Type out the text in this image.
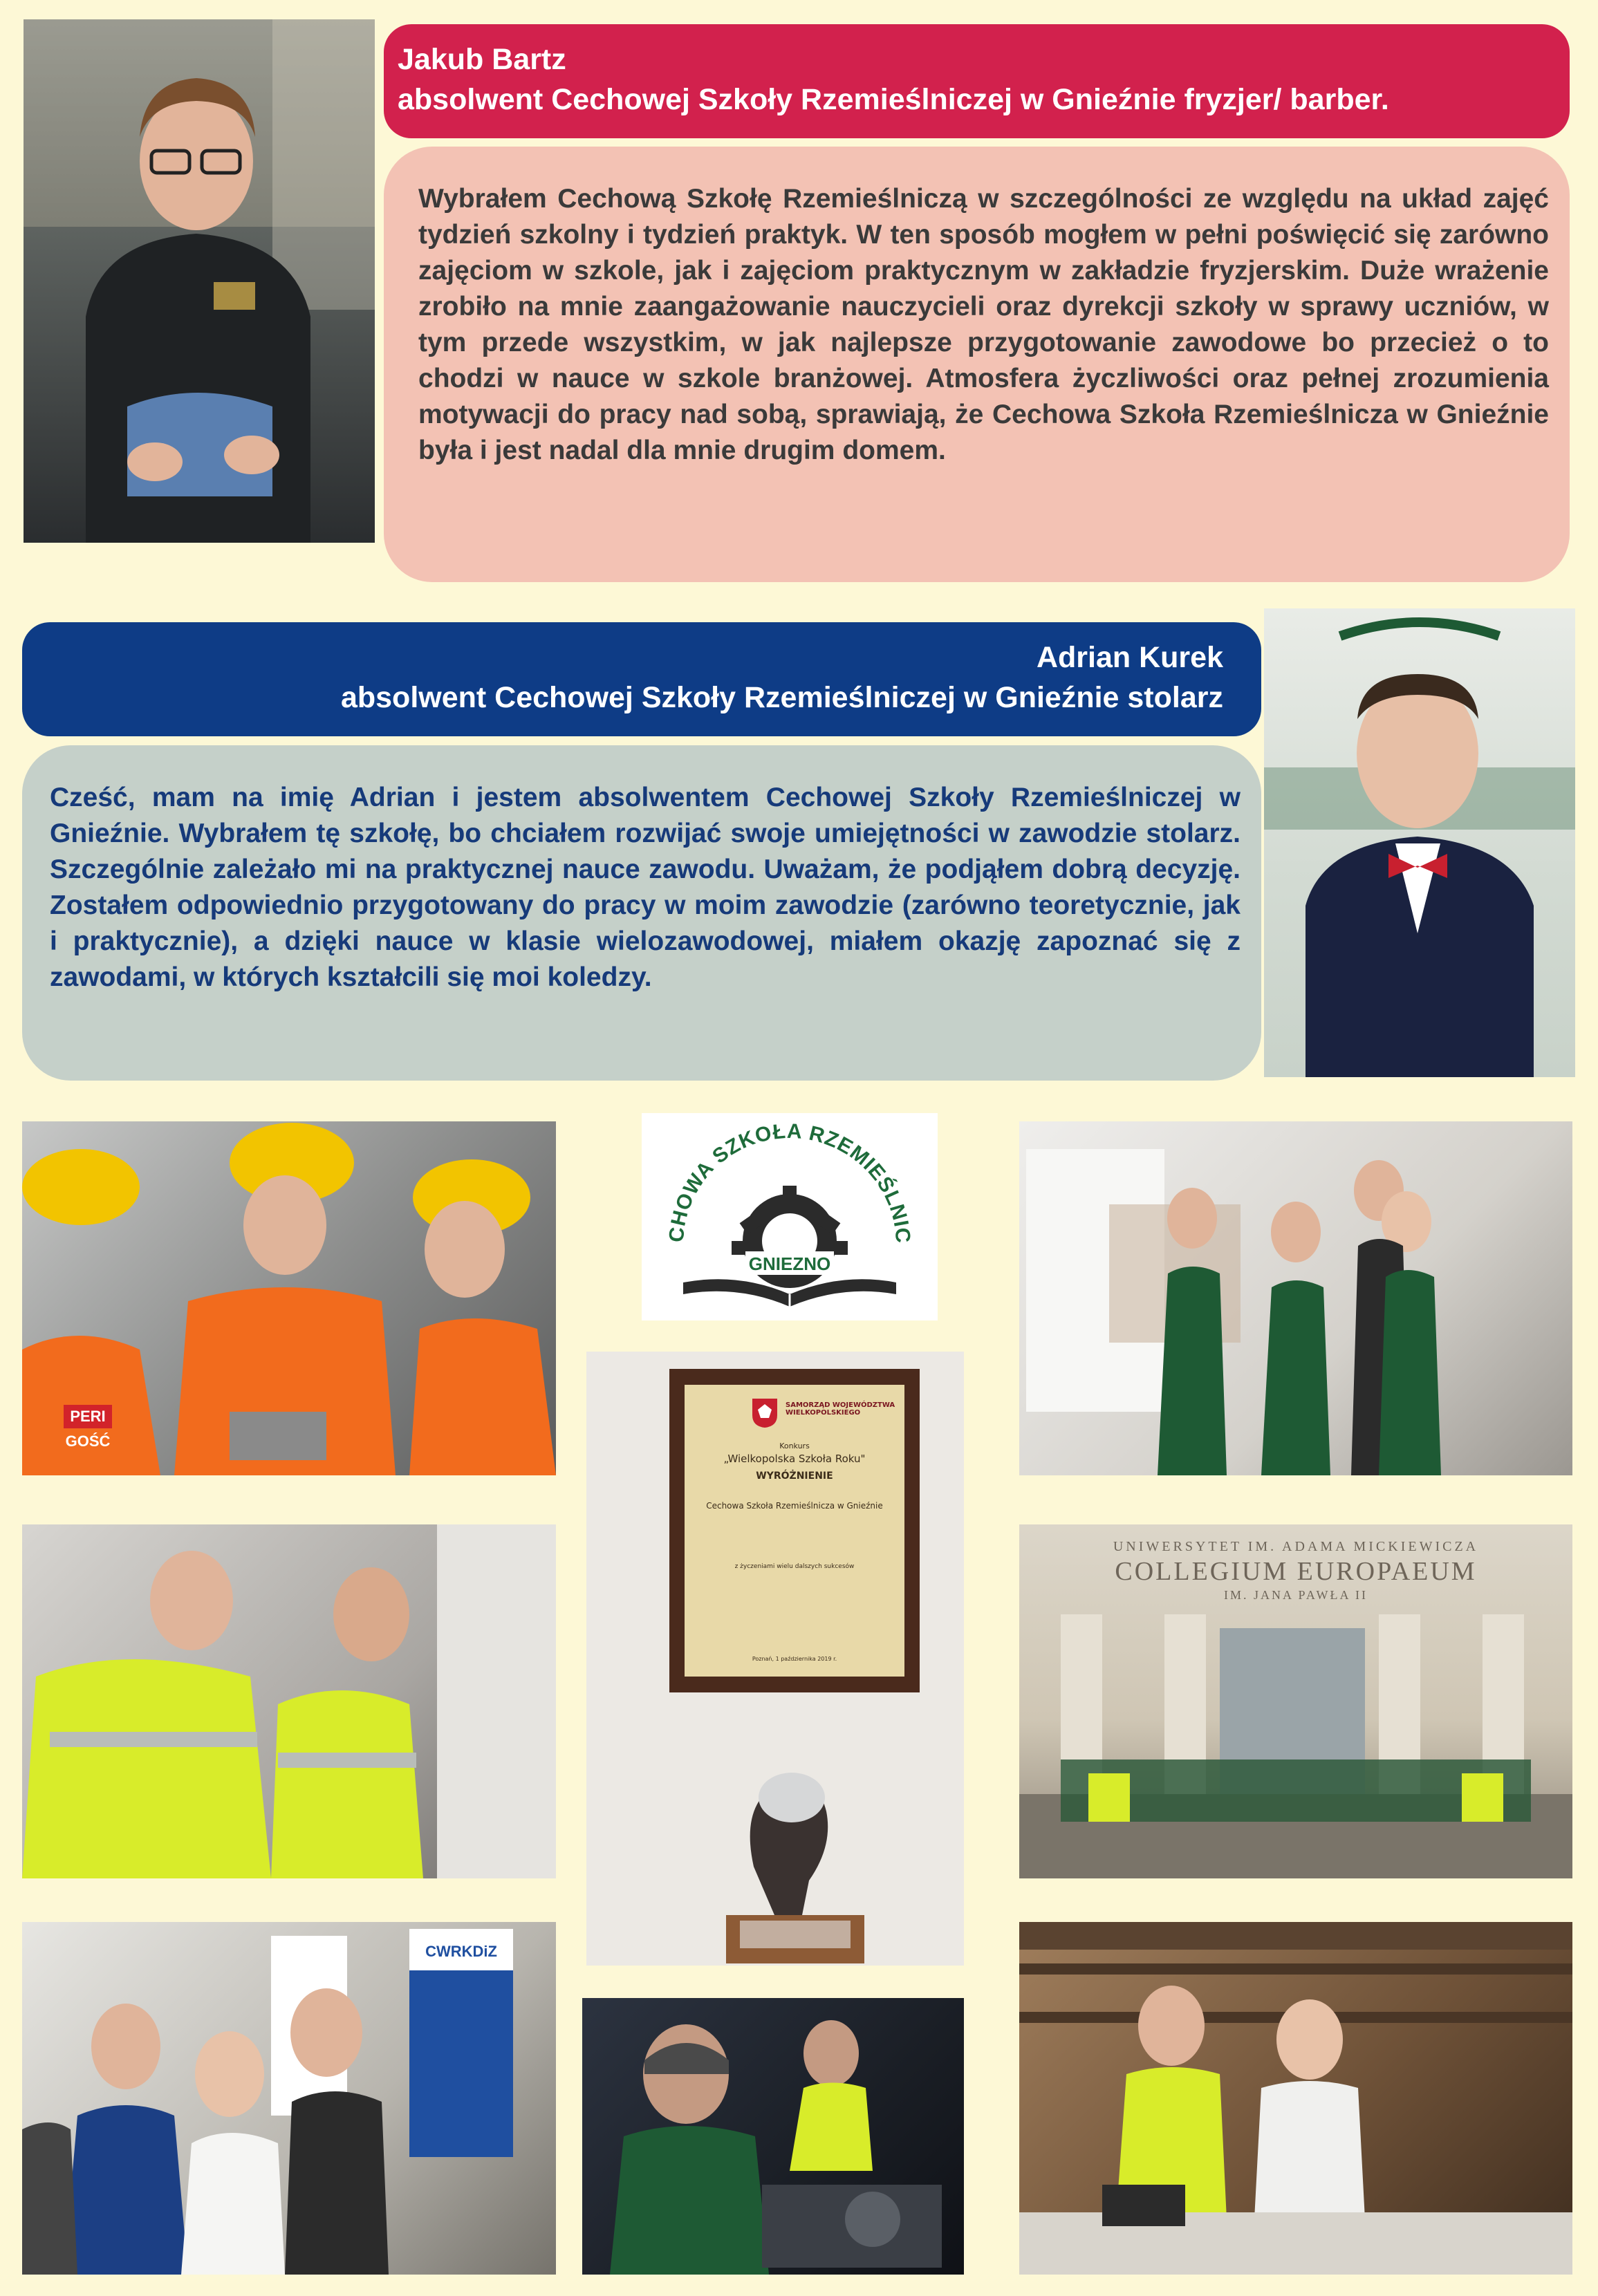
Jakub Bartz
absolwent Cechowej Szkoły Rzemieślniczej w Gnieźnie fryzjer/ barber.

Wybrałem Cechową Szkołę Rzemieślniczą w szczególności ze względu na układ zajęć tydzień szkolny i tydzień praktyk. W ten sposób mogłem w pełni poświęcić się zarówno zajęciom w szkole, jak i zajęciom praktycznym w zakładzie fryzjerskim. Duże wrażenie zrobiło na mnie zaangażowanie nauczycieli oraz dyrekcji szkoły w sprawy uczniów, w tym przede wszystkim, w jak najlepsze przygotowanie zawodowe bo przecież o to chodzi w nauce w szkole branżowej. Atmosfera życzliwości oraz pełnej zrozumienia motywacji do pracy nad sobą, sprawiają, że Cechowa Szkoła Rzemieślnicza w Gnieźnie była i jest nadal dla mnie drugim domem.

Adrian Kurek
absolwent Cechowej Szkoły Rzemieślniczej w Gnieźnie stolarz

Cześć, mam na imię Adrian i jestem absolwentem Cechowej Szkoły Rzemieślniczej w Gnieźnie. Wybrałem tę szkołę, bo chciałem rozwijać swoje umiejętności w zawodzie stolarz. Szczególnie zależało mi na praktycznej nauce zawodu. Uważam, że podjąłem dobrą decyzję. Zostałem odpowiednio przygotowany do pracy w moim zawodzie (zarówno teoretycznie, jak i praktycznie), a dzięki nauce w klasie wielozawodowej, miałem okazję zapoznać się z zawodami, w których kształcili się moi koledzy.

CHOWA SZKOŁA RZEMIEŚLNIC
GNIEZNO
PERI
GOŚĆ
CWRKDiZ
SAMORZĄD WOJEWÓDZTWA WIELKOPOLSKIEGO
Konkurs
„Wielkopolska Szkoła Roku"
WYRÓŻNIENIE
Cechowa Szkoła Rzemieślnicza w Gnieźnie
z życzeniami wielu dalszych sukcesów
Poznań, 1 października 2019 r.
UNIWERSYTET IM. ADAMA MICKIEWICZA
COLLEGIUM EUROPAEUM
IM. JANA PAWŁA II
